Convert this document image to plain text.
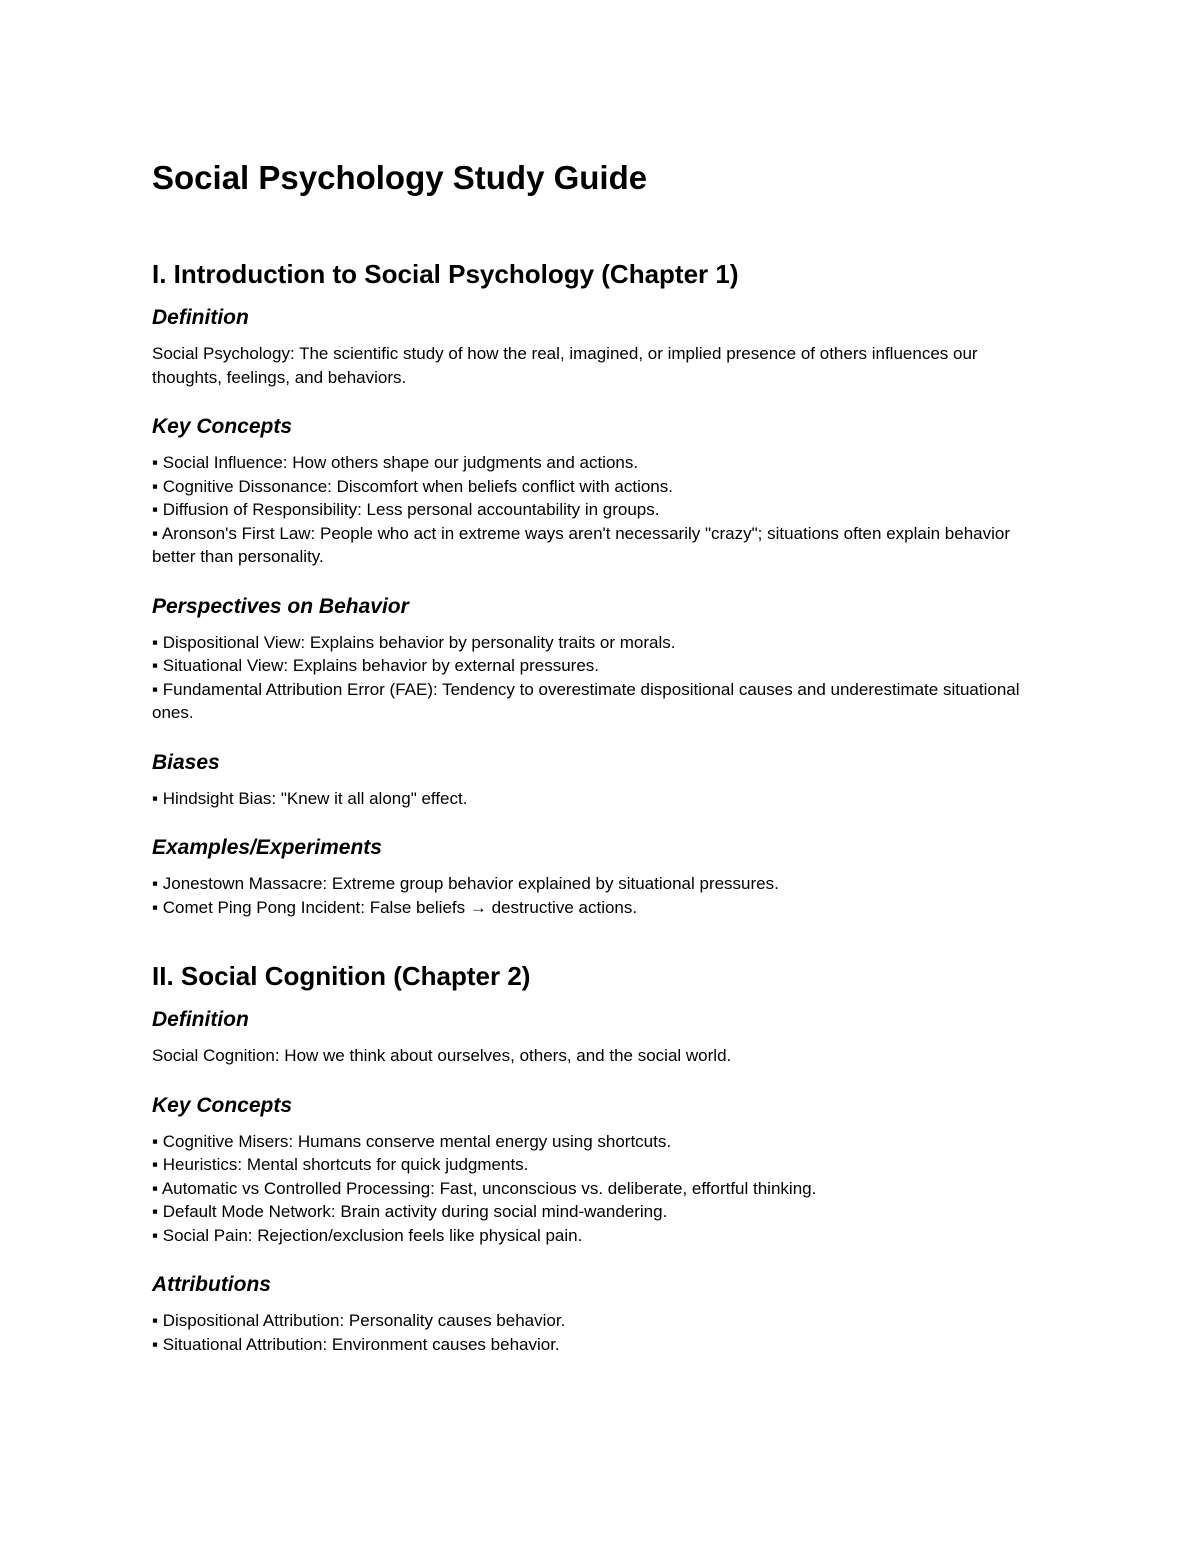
Social Psychology Study Guide
I. Introduction to Social Psychology (Chapter 1)
Definition

Social Psychology: The scientific study of how the real, imagined, or implied presence of others influences our thoughts, feelings, and behaviors.

Key Concepts
▪ Social Influence: How others shape our judgments and actions.
▪ Cognitive Dissonance: Discomfort when beliefs conflict with actions.
▪ Diffusion of Responsibility: Less personal accountability in groups.
▪ Aronson's First Law: People who act in extreme ways aren't necessarily "crazy"; situations often explain behavior better than personality.
Perspectives on Behavior
▪ Dispositional View: Explains behavior by personality traits or morals.
▪ Situational View: Explains behavior by external pressures.
▪ Fundamental Attribution Error (FAE): Tendency to overestimate dispositional causes and underestimate situational ones.
Biases
▪ Hindsight Bias: "Knew it all along" effect.
Examples/Experiments
▪ Jonestown Massacre: Extreme group behavior explained by situational pressures.
▪ Comet Ping Pong Incident: False beliefs → destructive actions.
II. Social Cognition (Chapter 2)
Definition

Social Cognition: How we think about ourselves, others, and the social world.

Key Concepts
▪ Cognitive Misers: Humans conserve mental energy using shortcuts.
▪ Heuristics: Mental shortcuts for quick judgments.
▪ Automatic vs Controlled Processing: Fast, unconscious vs. deliberate, effortful thinking.
▪ Default Mode Network: Brain activity during social mind-wandering.
▪ Social Pain: Rejection/exclusion feels like physical pain.
Attributions
▪ Dispositional Attribution: Personality causes behavior.
▪ Situational Attribution: Environment causes behavior.
